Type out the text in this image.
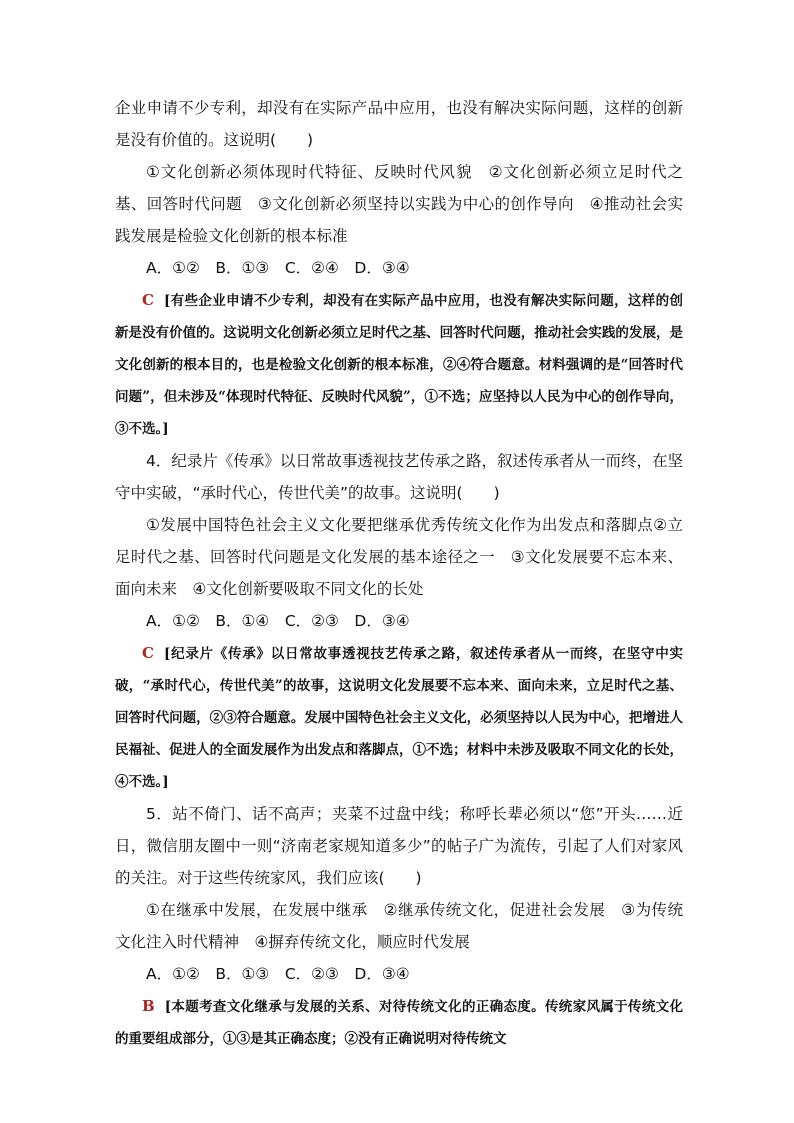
企业申请不少专利，却没有在实际产品中应用，也没有解决实际问题，这样的创新是没有价值的。这说明(　　)

①文化创新必须体现时代特征、反映时代风貌　②文化创新必须立足时代之基、回答时代问题　③文化创新必须坚持以实践为中心的创作导向　④推动社会实践发展是检验文化创新的根本标准

A．①②　B．①③　C．②④　D．③④

C [有些企业申请不少专利，却没有在实际产品中应用，也没有解决实际问题，这样的创新是没有价值的。这说明文化创新必须立足时代之基、回答时代问题，推动社会实践的发展，是文化创新的根本目的，也是检验文化创新的根本标准，②④符合题意。材料强调的是“回答时代问题”，但未涉及“体现时代特征、反映时代风貌”，①不选；应坚持以人民为中心的创作导向，③不选。]

4．纪录片《传承》以日常故事透视技艺传承之路，叙述传承者从一而终，在坚守中实破，“承时代心，传世代美”的故事。这说明(　　)

①发展中国特色社会主义文化要把继承优秀传统文化作为出发点和落脚点②立足时代之基、回答时代问题是文化发展的基本途径之一　③文化发展要不忘本来、面向未来　④文化创新要吸取不同文化的长处

A．①②　B．①④　C．②③　D．③④

C [纪录片《传承》以日常故事透视技艺传承之路，叙述传承者从一而终，在坚守中实破，“承时代心，传世代美”的故事，这说明文化发展要不忘本来、面向未来，立足时代之基、回答时代问题，②③符合题意。发展中国特色社会主义文化，必须坚持以人民为中心，把增进人民福祉、促进人的全面发展作为出发点和落脚点，①不选；材料中未涉及吸取不同文化的长处，④不选。]

5．站不倚门、话不高声；夹菜不过盘中线；称呼长辈必须以“您”开头……近日，微信朋友圈中一则“济南老家规知道多少”的帖子广为流传，引起了人们对家风的关注。对于这些传统家风，我们应该(　　)

①在继承中发展，在发展中继承　②继承传统文化，促进社会发展　③为传统文化注入时代精神　④摒弃传统文化，顺应时代发展

A．①②　B．①③　C．②③　D．③④

B [本题考查文化继承与发展的关系、对待传统文化的正确态度。传统家风属于传统文化的重要组成部分，①③是其正确态度；②没有正确说明对待传统文
